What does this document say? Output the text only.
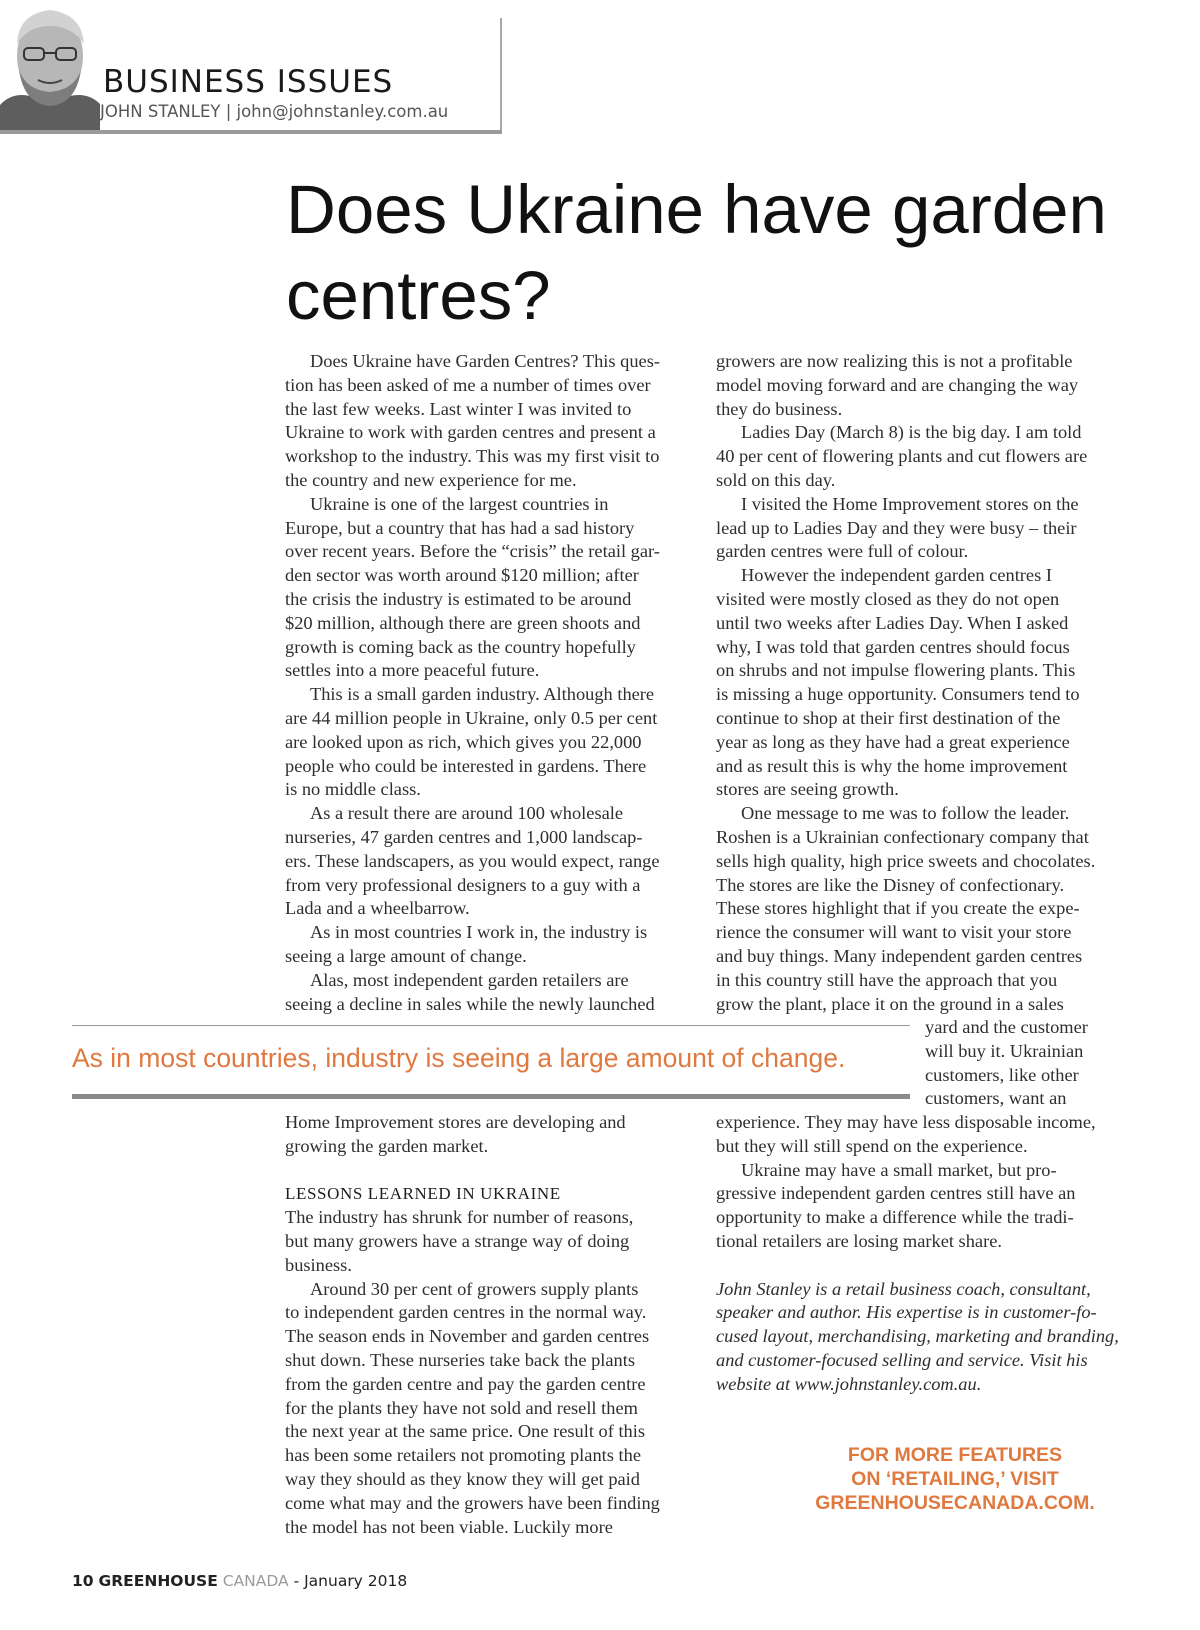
BUSINESS ISSUES
JOHN STANLEY | john@johnstanley.com.au
Does Ukraine have garden centres?

Does Ukraine have Garden Centres? This ques-
tion has been asked of me a number of times over
the last few weeks. Last winter I was invited to
Ukraine to work with garden centres and present a
workshop to the industry. This was my first visit to
the country and new experience for me.

Ukraine is one of the largest countries in
Europe, but a country that has had a sad history
over recent years. Before the “crisis” the retail gar-
den sector was worth around $120 million; after
the crisis the industry is estimated to be around
$20 million, although there are green shoots and
growth is coming back as the country hopefully
settles into a more peaceful future.

This is a small garden industry. Although there
are 44 million people in Ukraine, only 0.5 per cent
are looked upon as rich, which gives you 22,000
people who could be interested in gardens. There
is no middle class.

As a result there are around 100 wholesale
nurseries, 47 garden centres and 1,000 landscap-
ers. These landscapers, as you would expect, range
from very professional designers to a guy with a
Lada and a wheelbarrow.

As in most countries I work in, the industry is
seeing a large amount of change.

Alas, most independent garden retailers are
seeing a decline in sales while the newly launched

growers are now realizing this is not a profitable
model moving forward and are changing the way
they do business.

Ladies Day (March 8) is the big day. I am told
40 per cent of flowering plants and cut flowers are
sold on this day.

I visited the Home Improvement stores on the
lead up to Ladies Day and they were busy – their
garden centres were full of colour.

However the independent garden centres I
visited were mostly closed as they do not open
until two weeks after Ladies Day. When I asked
why, I was told that garden centres should focus
on shrubs and not impulse flowering plants. This
is missing a huge opportunity. Consumers tend to
continue to shop at their first destination of the
year as long as they have had a great experience
and as result this is why the home improvement
stores are seeing growth.

One message to me was to follow the leader.
Roshen is a Ukrainian confectionary company that
sells high quality, high price sweets and chocolates.
The stores are like the Disney of confectionary.
These stores highlight that if you create the expe-
rience the consumer will want to visit your store
and buy things. Many independent garden centres
in this country still have the approach that you
grow the plant, place it on the ground in a sales

yard and the customer
will buy it. Ukrainian
customers, like other
customers, want an

As in most countries, industry is seeing a large amount of change.

Home Improvement stores are developing and
growing the garden market.

LESSONS LEARNED IN UKRAINE

The industry has shrunk for number of reasons,
but many growers have a strange way of doing
business.

Around 30 per cent of growers supply plants
to independent garden centres in the normal way.
The season ends in November and garden centres
shut down. These nurseries take back the plants
from the garden centre and pay the garden centre
for the plants they have not sold and resell them
the next year at the same price. One result of this
has been some retailers not promoting plants the
way they should as they know they will get paid
come what may and the growers have been finding
the model has not been viable. Luckily more

experience. They may have less disposable income,
but they will still spend on the experience.

Ukraine may have a small market, but pro-
gressive independent garden centres still have an
opportunity to make a difference while the tradi-
tional retailers are losing market share.

John Stanley is a retail business coach, consultant,
speaker and author. His expertise is in customer-fo-
cused layout, merchandising, marketing and branding,
and customer-focused selling and service. Visit his
website at www.johnstanley.com.au.

FOR MORE FEATURES
ON ‘RETAILING,’ VISIT
GREENHOUSECANADA.COM.
10 GREENHOUSE CANADA - January 2018
